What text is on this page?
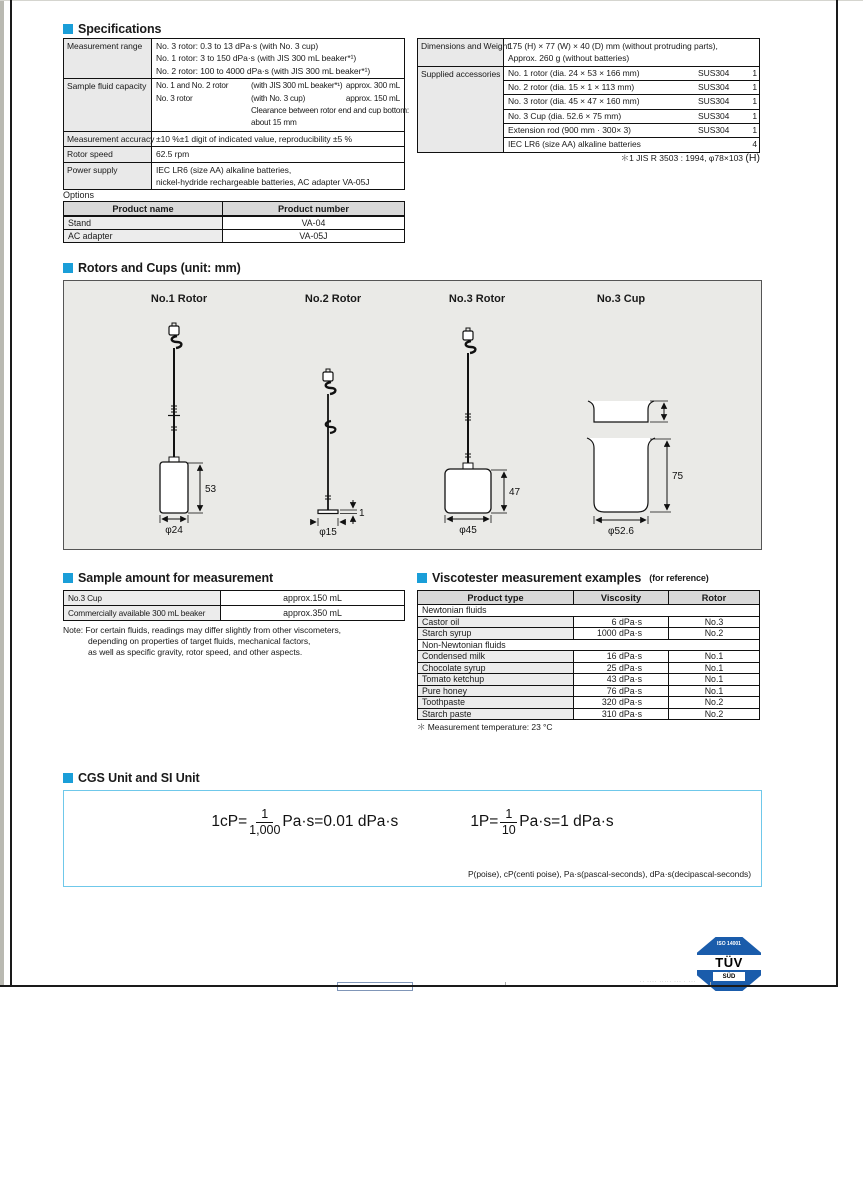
Specifications
Measurement range	No. 3 rotor: 0.3 to 13 dPa·s (with No. 3 cup)
No. 1 rotor: 3 to 150 dPa·s (with JIS 300 mL beaker*¹)
No. 2 rotor: 100 to 4000 dPa·s (with JIS 300 mL beaker*¹)

Sample fluid capacity	No. 1 and No. 2 rotor	(with JIS 300 mL beaker*¹) approx. 300 mL
No. 3 rotor	(with No. 3 cup)	approx. 150 mL
Clearance between rotor end and cup bottom:
about 15 mm

Measurement accuracy	±10 %±1 digit of indicated value, reproducibility ±5 %
Rotor speed	62.5 rpm
Power supply	IEC LR6 (size AA) alkaline batteries,
nickel-hydride rechargeable batteries, AC adapter VA-05J
Dimensions and Weight	175 (H) × 77 (W) × 40 (D) mm (without protruding parts),
Approx. 260 g (without batteries)

Supplied accessories	No. 1 rotor (dia. 24 × 53 × 166 mm)	SUS304	1
No. 2 rotor (dia. 15 × 1 × 113 mm)	SUS304	1
No. 3 rotor (dia. 45 × 47 × 160 mm)	SUS304	1
No. 3 Cup (dia. 52.6 × 75 mm)	SUS304	1
Extension rod (900 mm · 300× 3)	SUS304	1
IEC LR6 (size AA) alkaline batteries	4
＊1 JIS R 3503 : 1994, φ78×103 (H)
Options
Product name	Product number
Stand	VA-04
AC adapter	VA-05J
Rotors and Cups (unit: mm)
No.1 Rotor	No.2 Rotor	No.3 Rotor	No.3 Cup
53
φ24
1
φ15
47
φ45
75
φ52.6
Sample amount for measurement
No.3 Cup	approx.150 mL
Commercially available 300 mL beaker	approx.350 mL
Note: For certain fluids, readings may differ slightly from other viscometers,
depending on properties of target fluids, mechanical factors,
as well as specific gravity, rotor speed, and other aspects.
Viscotester measurement examples (for reference)
Product type	Viscosity	Rotor
Newtonian fluids		
Castor oil	6 dPa·s	No.3
Starch syrup	1000 dPa·s	No.2
Non-Newtonian fluids		
Condensed milk	16 dPa·s	No.1
Chocolate syrup	25 dPa·s	No.1
Tomato ketchup	43 dPa·s	No.1
Pure honey	76 dPa·s	No.1
Toothpaste	320 dPa·s	No.2
Starch paste	310 dPa·s	No.2
＊ Measurement temperature: 23 °C
CGS Unit and SI Unit
$1cP= \frac{1}{1,000} Pa\cdot s=0.01$ dPa·s	$1P= \frac{1}{10} Pa\cdot s=1$ dPa·s
P(poise), cP(centi poise), Pa·s(pascal-seconds), dPa·s(decipascal-seconds)
ISO 14001
TÜV
SÜD
·· ···· ····· ··· · ···
